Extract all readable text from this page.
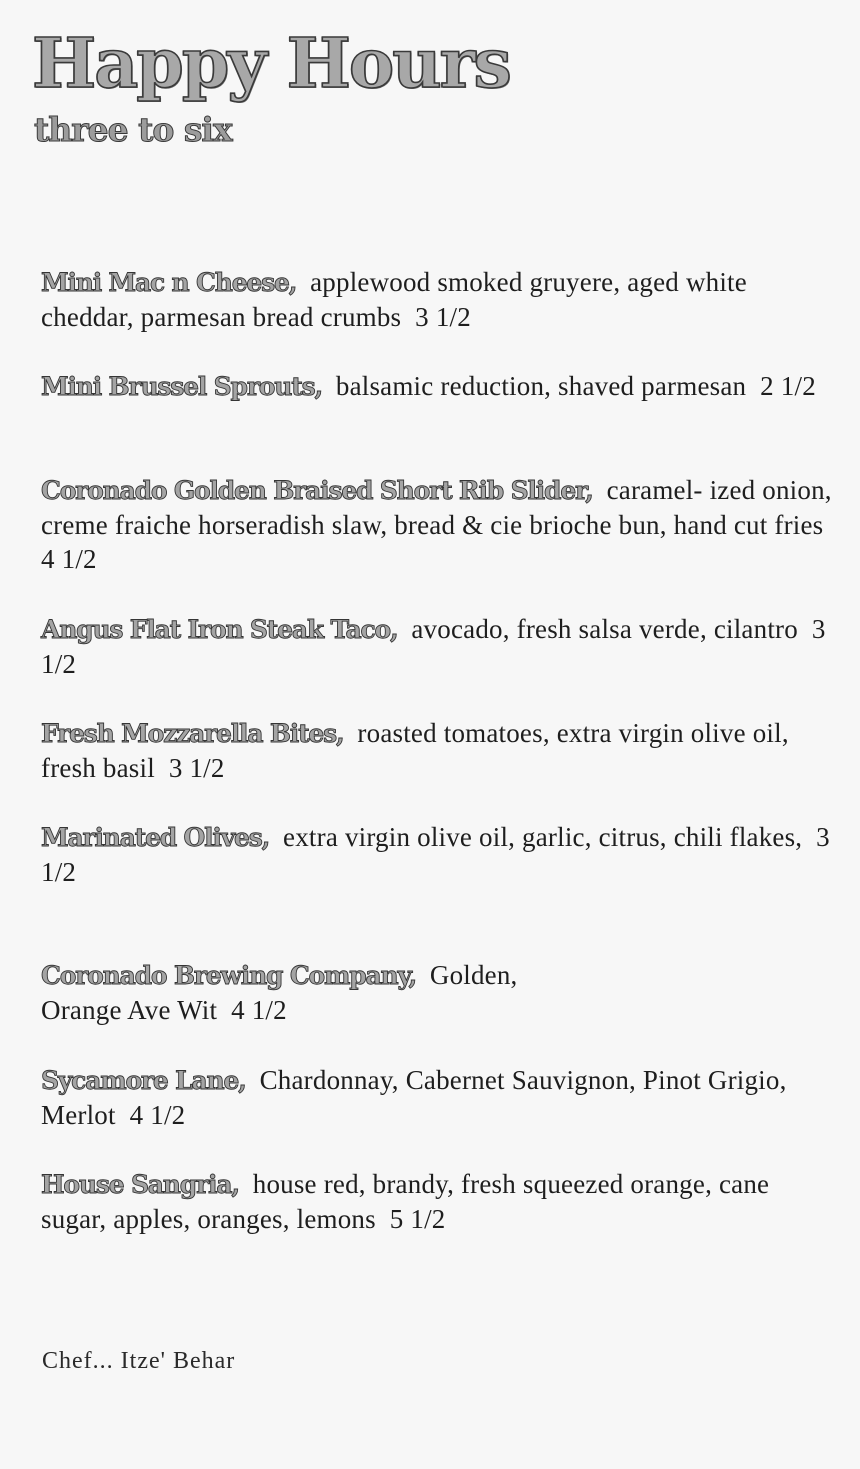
Happy Hours
three to six

Mini Mac n Cheese, applewood smoked gruyere, aged white cheddar, parmesan bread crumbs 3 1/2

Mini Brussel Sprouts, balsamic reduction, shaved parmesan 2 1/2

Coronado Golden Braised Short Rib Slider, caramel- ized onion, creme fraiche horseradish slaw, bread & cie brioche bun, hand cut fries  4 1/2

Angus Flat Iron Steak Taco, avocado, fresh salsa verde, cilantro 3 1/2

Fresh Mozzarella Bites, roasted tomatoes, extra virgin olive oil, fresh basil 3 1/2

Marinated Olives, extra virgin olive oil, garlic, citrus, chili flakes, 3 1/2

Coronado Brewing Company, Golden,
Orange Ave Wit 4 1/2

Sycamore Lane, Chardonnay, Cabernet Sauvignon, Pinot Grigio, Merlot 4 1/2

House Sangria, house red, brandy, fresh squeezed orange, cane sugar, apples, oranges, lemons 5 1/2

Chef... Itze' Behar
